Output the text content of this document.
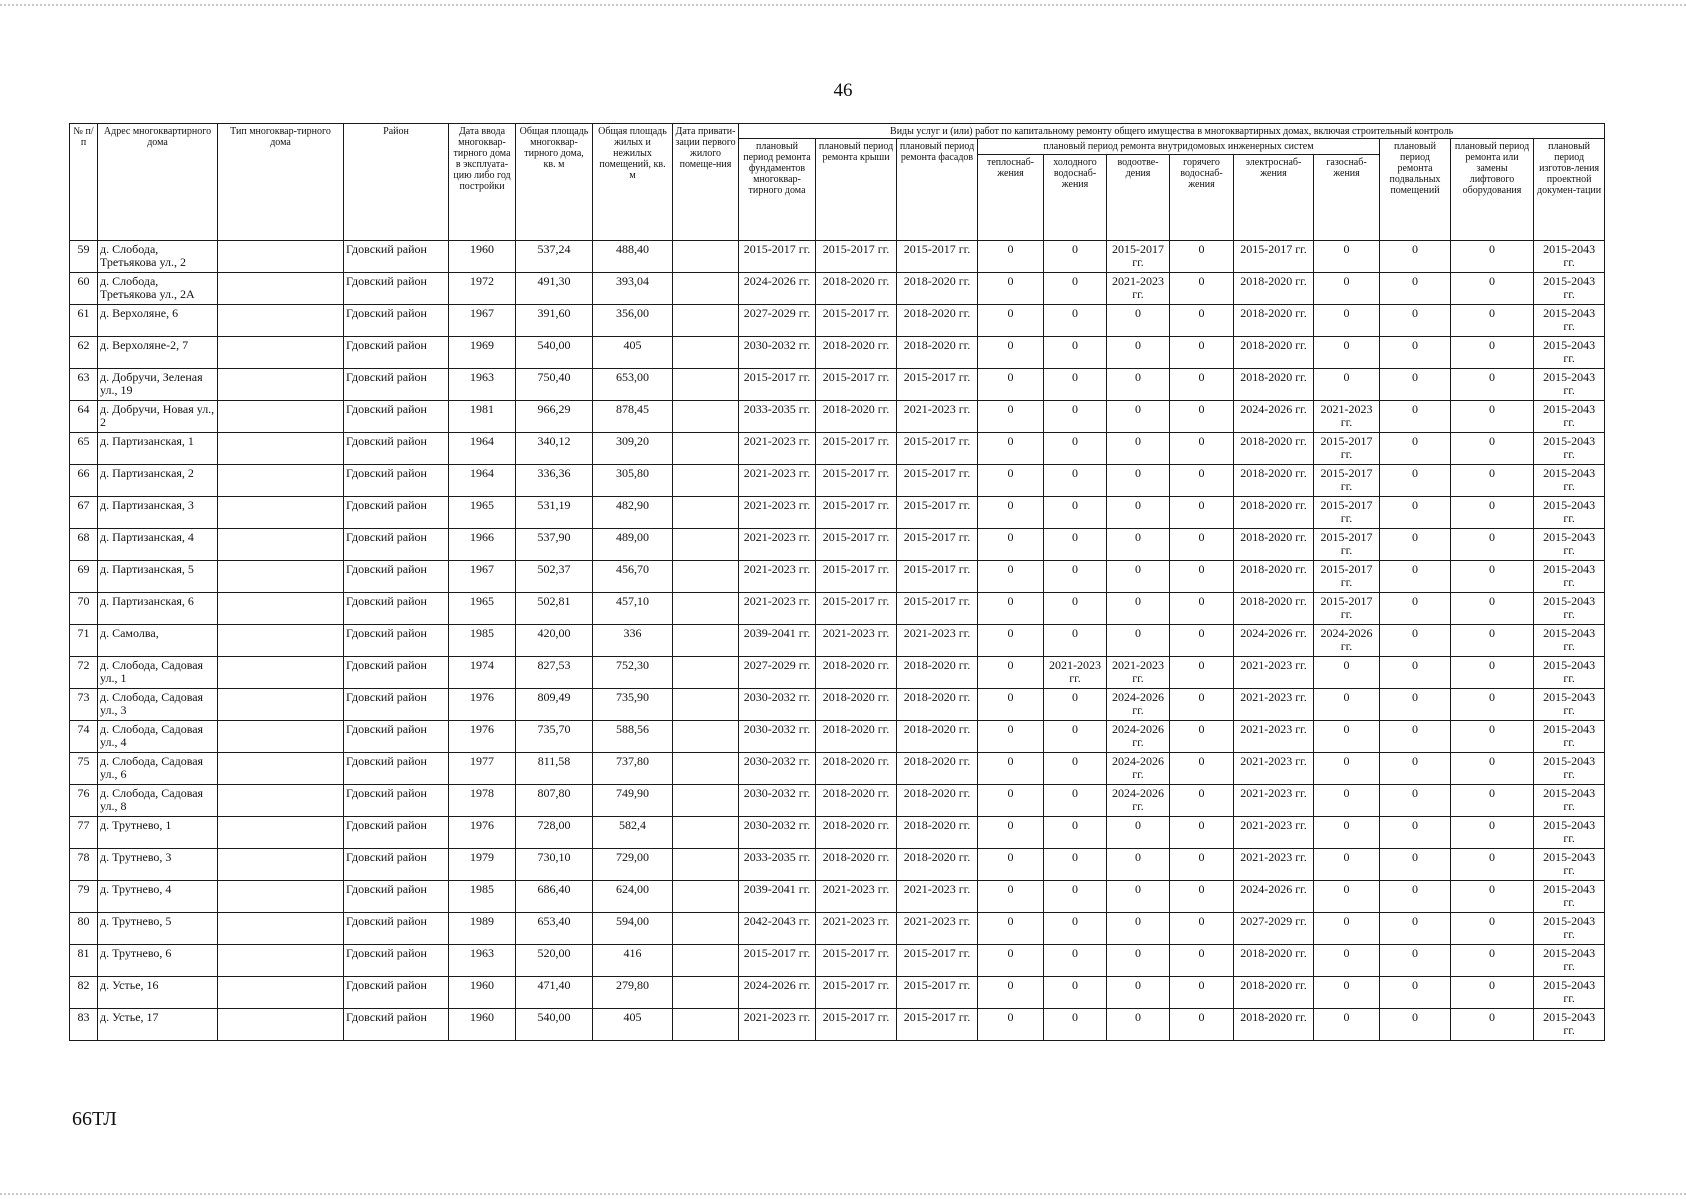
46
№ п/п	Адрес многоквартирного дома	Тип многоквар-тирного дома	Район	Дата ввода многоквар-тирного дома в эксплуата-цию либо год постройки	Общая площадь многоквар-тирного дома, кв. м	Общая площадь жилых и нежилых помещений, кв. м	Дата привати-зации первого жилого помеще-ния	Виды услуг и (или) работ по капитальному ремонту общего имущества в многоквартирных домах, включая строительный контроль											
								плановый период ремонта фундаментов многоквар-тирного дома	плановый период ремонта крыши	плановый период ремонта фасадов	плановый период ремонта внутридомовых инженерных систем						плановый период ремонта подвальных помещений	плановый период ремонта или замены лифтового оборудования	плановый период изготов-ления проектной докумен-тации
											теплоснаб-жения	холодного водоснаб-жения	водоотве-дения	горячего водоснаб-жения	электроснаб-жения	газоснаб-жения			
59	д. Слобода, Третьякова ул., 2		Гдовский район	1960	537,24	488,40		2015-2017 гг.	2015-2017 гг.	2015-2017 гг.	0	0	2015-2017 гг.	0	2015-2017 гг.	0	0	0	2015-2043 гг.
60	д. Слобода, Третьякова ул., 2А		Гдовский район	1972	491,30	393,04		2024-2026 гг.	2018-2020 гг.	2018-2020 гг.	0	0	2021-2023 гг.	0	2018-2020 гг.	0	0	0	2015-2043 гг.
61	д. Верхоляне, 6		Гдовский район	1967	391,60	356,00		2027-2029 гг.	2015-2017 гг.	2018-2020 гг.	0	0	0	0	2018-2020 гг.	0	0	0	2015-2043 гг.
62	д. Верхоляне-2, 7		Гдовский район	1969	540,00	405		2030-2032 гг.	2018-2020 гг.	2018-2020 гг.	0	0	0	0	2018-2020 гг.	0	0	0	2015-2043 гг.
63	д. Добручи, Зеленая ул., 19		Гдовский район	1963	750,40	653,00		2015-2017 гг.	2015-2017 гг.	2015-2017 гг.	0	0	0	0	2018-2020 гг.	0	0	0	2015-2043 гг.
64	д. Добручи, Новая ул., 2		Гдовский район	1981	966,29	878,45		2033-2035 гг.	2018-2020 гг.	2021-2023 гг.	0	0	0	0	2024-2026 гг.	2021-2023 гг.	0	0	2015-2043 гг.
65	д. Партизанская, 1		Гдовский район	1964	340,12	309,20		2021-2023 гг.	2015-2017 гг.	2015-2017 гг.	0	0	0	0	2018-2020 гг.	2015-2017 гг.	0	0	2015-2043 гг.
66	д. Партизанская, 2		Гдовский район	1964	336,36	305,80		2021-2023 гг.	2015-2017 гг.	2015-2017 гг.	0	0	0	0	2018-2020 гг.	2015-2017 гг.	0	0	2015-2043 гг.
67	д. Партизанская, 3		Гдовский район	1965	531,19	482,90		2021-2023 гг.	2015-2017 гг.	2015-2017 гг.	0	0	0	0	2018-2020 гг.	2015-2017 гг.	0	0	2015-2043 гг.
68	д. Партизанская, 4		Гдовский район	1966	537,90	489,00		2021-2023 гг.	2015-2017 гг.	2015-2017 гг.	0	0	0	0	2018-2020 гг.	2015-2017 гг.	0	0	2015-2043 гг.
69	д. Партизанская, 5		Гдовский район	1967	502,37	456,70		2021-2023 гг.	2015-2017 гг.	2015-2017 гг.	0	0	0	0	2018-2020 гг.	2015-2017 гг.	0	0	2015-2043 гг.
70	д. Партизанская, 6		Гдовский район	1965	502,81	457,10		2021-2023 гг.	2015-2017 гг.	2015-2017 гг.	0	0	0	0	2018-2020 гг.	2015-2017 гг.	0	0	2015-2043 гг.
71	д. Самолва,		Гдовский район	1985	420,00	336		2039-2041 гг.	2021-2023 гг.	2021-2023 гг.	0	0	0	0	2024-2026 гг.	2024-2026 гг.	0	0	2015-2043 гг.
72	д. Слобода, Садовая ул., 1		Гдовский район	1974	827,53	752,30		2027-2029 гг.	2018-2020 гг.	2018-2020 гг.	0	2021-2023 гг.	2021-2023 гг.	0	2021-2023 гг.	0	0	0	2015-2043 гг.
73	д. Слобода, Садовая ул., 3		Гдовский район	1976	809,49	735,90		2030-2032 гг.	2018-2020 гг.	2018-2020 гг.	0	0	2024-2026 гг.	0	2021-2023 гг.	0	0	0	2015-2043 гг.
74	д. Слобода, Садовая ул., 4		Гдовский район	1976	735,70	588,56		2030-2032 гг.	2018-2020 гг.	2018-2020 гг.	0	0	2024-2026 гг.	0	2021-2023 гг.	0	0	0	2015-2043 гг.
75	д. Слобода, Садовая ул., 6		Гдовский район	1977	811,58	737,80		2030-2032 гг.	2018-2020 гг.	2018-2020 гг.	0	0	2024-2026 гг.	0	2021-2023 гг.	0	0	0	2015-2043 гг.
76	д. Слобода, Садовая ул., 8		Гдовский район	1978	807,80	749,90		2030-2032 гг.	2018-2020 гг.	2018-2020 гг.	0	0	2024-2026 гг.	0	2021-2023 гг.	0	0	0	2015-2043 гг.
77	д. Трутнево, 1		Гдовский район	1976	728,00	582,4		2030-2032 гг.	2018-2020 гг.	2018-2020 гг.	0	0	0	0	2021-2023 гг.	0	0	0	2015-2043 гг.
78	д. Трутнево, 3		Гдовский район	1979	730,10	729,00		2033-2035 гг.	2018-2020 гг.	2018-2020 гг.	0	0	0	0	2021-2023 гг.	0	0	0	2015-2043 гг.
79	д. Трутнево, 4		Гдовский район	1985	686,40	624,00		2039-2041 гг.	2021-2023 гг.	2021-2023 гг.	0	0	0	0	2024-2026 гг.	0	0	0	2015-2043 гг.
80	д. Трутнево, 5		Гдовский район	1989	653,40	594,00		2042-2043 гг.	2021-2023 гг.	2021-2023 гг.	0	0	0	0	2027-2029 гг.	0	0	0	2015-2043 гг.
81	д. Трутнево, 6		Гдовский район	1963	520,00	416		2015-2017 гг.	2015-2017 гг.	2015-2017 гг.	0	0	0	0	2018-2020 гг.	0	0	0	2015-2043 гг.
82	д. Устье, 16		Гдовский район	1960	471,40	279,80		2024-2026 гг.	2015-2017 гг.	2015-2017 гг.	0	0	0	0	2018-2020 гг.	0	0	0	2015-2043 гг.
83	д. Устье, 17		Гдовский район	1960	540,00	405		2021-2023 гг.	2015-2017 гг.	2015-2017 гг.	0	0	0	0	2018-2020 гг.	0	0	0	2015-2043 гг.
66ТЛ
